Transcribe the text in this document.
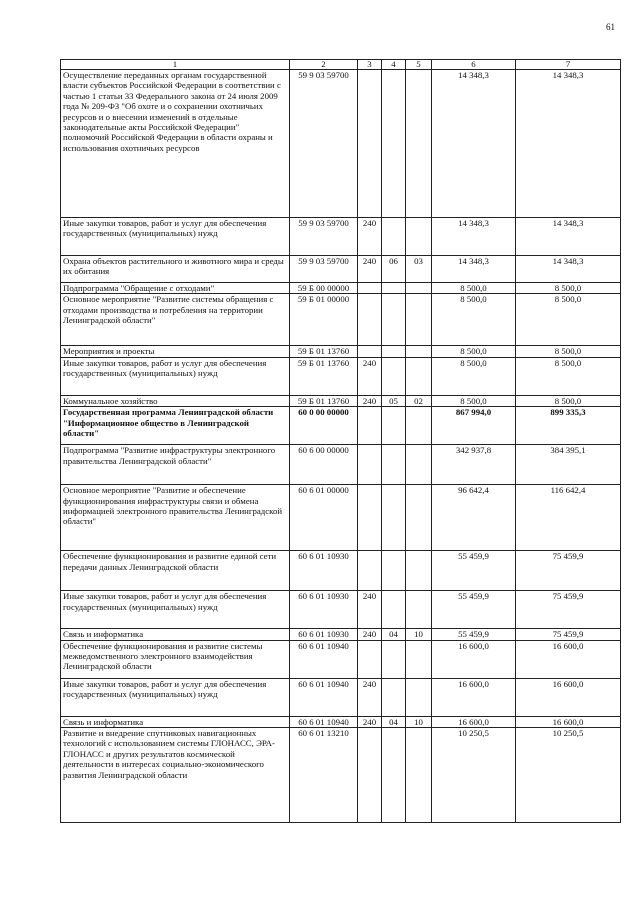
61
1	2	3	4	5	6	7
Осуществление переданных органам государственной власти субъектов Российской Федерации в соответствии с частью 1 статьи 33 Федерального закона от 24 июля 2009 года № 209-ФЗ "Об охоте и о сохранении охотничьих ресурсов и о внесении изменений в отдельные законодательные акты Российской Федерации" полномочий Российской Федерации в области охраны и использования охотничьих ресурсов	59 9 03 59700				14 348,3	14 348,3
Иные закупки товаров, работ и услуг для обеспечения государственных (муниципальных) нужд	59 9 03 59700	240			14 348,3	14 348,3
Охрана объектов растительного и животного мира и среды их обитания	59 9 03 59700	240	06	03	14 348,3	14 348,3
Подпрограмма "Обращение с отходами"	59 Б 00 00000				8 500,0	8 500,0
Основное мероприятие "Развитие системы обращения с отходами производства и потребления на территории Ленинградской области"	59 Б 01 00000				8 500,0	8 500,0
Мероприятия и проекты	59 Б 01 13760				8 500,0	8 500,0
Иные закупки товаров, работ и услуг для обеспечения государственных (муниципальных) нужд	59 Б 01 13760	240			8 500,0	8 500,0
Коммунальное хозяйство	59 Б 01 13760	240	05	02	8 500,0	8 500,0
Государственная программа Ленинградской области "Информационное общество в Ленинградской области"	60 0 00 00000				867 994,0	899 335,3
Подпрограмма "Развитие инфраструктуры электронного правительства Ленинградской области"	60 6 00 00000				342 937,8	384 395,1
Основное мероприятие "Развитие и обеспечение функционирования инфраструктуры связи и обмена информацией электронного правительства Ленинградской области"	60 6 01 00000				96 642,4	116 642,4
Обеспечение функционирования и развитие единой сети передачи данных Ленинградской области	60 6 01 10930				55 459,9	75 459,9
Иные закупки товаров, работ и услуг для обеспечения государственных (муниципальных) нужд	60 6 01 10930	240			55 459,9	75 459,9
Связь и информатика	60 6 01 10930	240	04	10	55 459,9	75 459,9
Обеспечение функционирования и развитие системы межведомственного электронного взаимодействия Ленинградской области	60 6 01 10940				16 600,0	16 600,0
Иные закупки товаров, работ и услуг для обеспечения государственных (муниципальных) нужд	60 6 01 10940	240			16 600,0	16 600,0
Связь и информатика	60 6 01 10940	240	04	10	16 600,0	16 600,0
Развитие и внедрение спутниковых навигационных технологий с использованием системы ГЛОНАСС, ЭРА-ГЛОНАСС и других результатов космической деятельности в интересах социально-экономического развития Ленинградской области	60 6 01 13210				10 250,5	10 250,5
